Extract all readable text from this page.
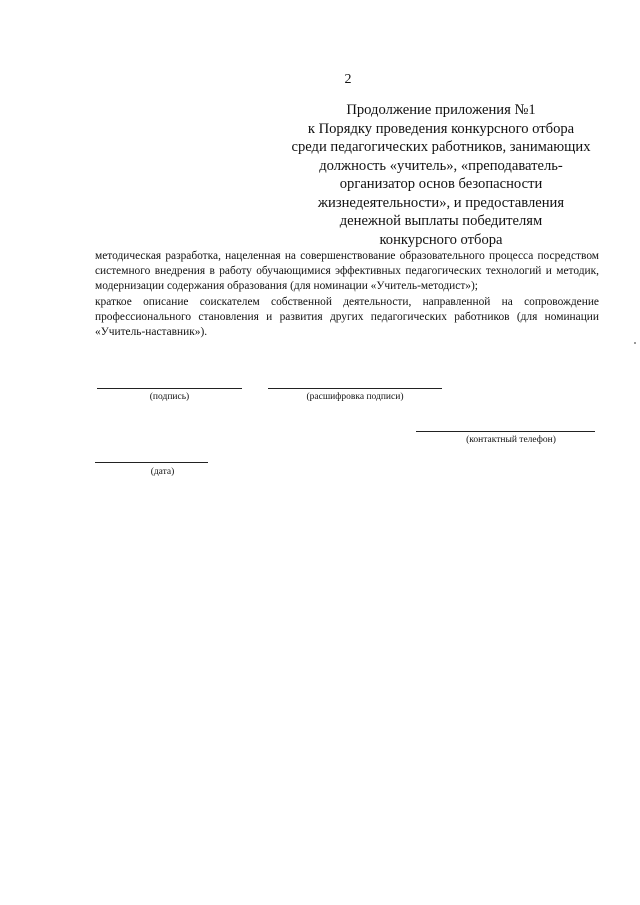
2
Продолжение приложения №1
к Порядку проведения конкурсного отбора
среди педагогических работников, занимающих
должность «учитель», «преподаватель-
организатор основ безопасности
жизнедеятельности», и предоставления
денежной выплаты победителям
конкурсного отбора
методическая разработка, нацеленная на совершенствование образовательного процесса посредством системного внедрения в работу обучающимися эффективных педагогических технологий и методик, модернизации содержания образования (для номинации «Учитель-методист»);
краткое описание соискателем собственной деятельности, направленной на сопровождение профессионального становления и развития других педагогических работников (для номинации «Учитель-наставник»).
(подпись)	(расшифровка подписи)
(контактный телефон)
(дата)
